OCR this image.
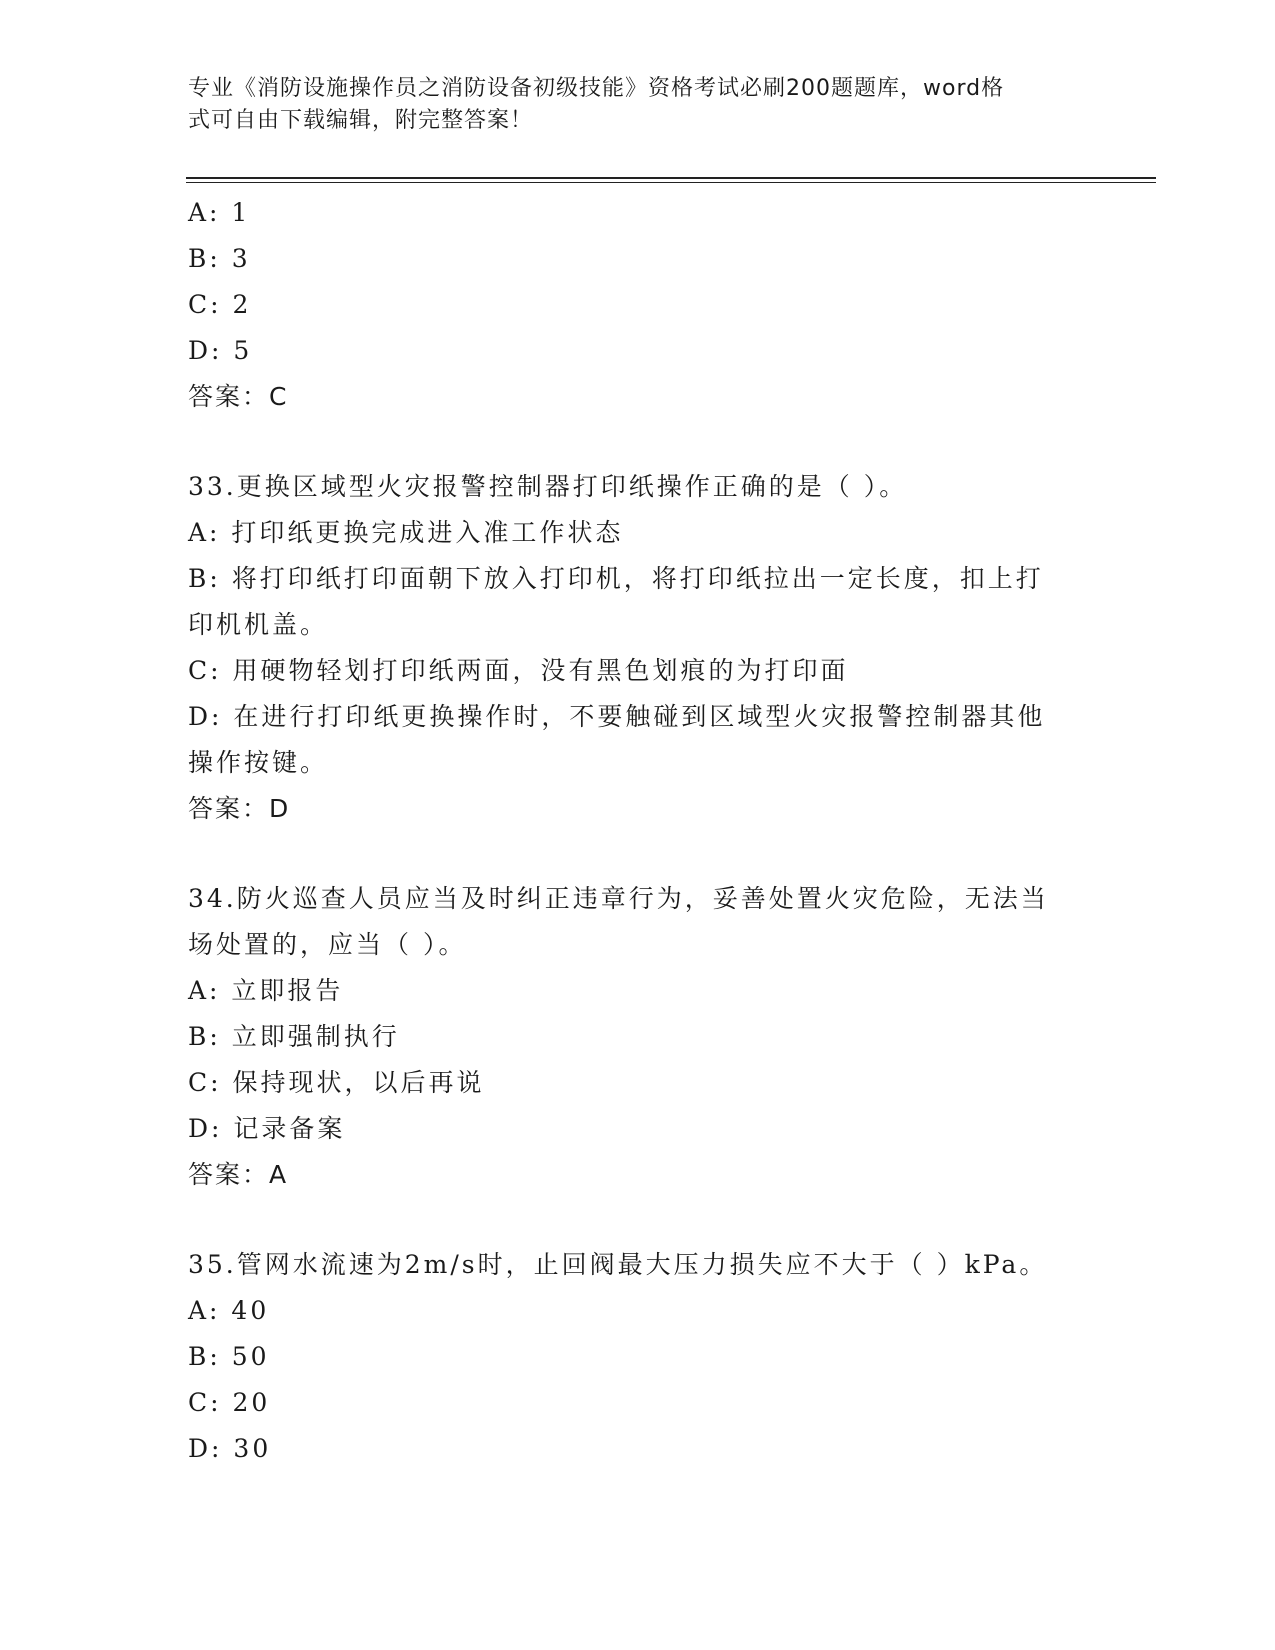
专业《消防设施操作员之消防设备初级技能》资格考试必刷200题题库，word格
式可自由下载编辑，附完整答案！
A: 1
B: 3
C: 2
D: 5
答案：C
33.更换区域型火灾报警控制器打印纸操作正确的是（ ）。
A: 打印纸更换完成进入准工作状态
B: 将打印纸打印面朝下放入打印机，将打印纸拉出一定长度，扣上打
印机机盖。
C: 用硬物轻划打印纸两面，没有黑色划痕的为打印面
D: 在进行打印纸更换操作时，不要触碰到区域型火灾报警控制器其他
操作按键。
答案：D
34.防火巡查人员应当及时纠正违章行为，妥善处置火灾危险，无法当
场处置的，应当（ ）。
A: 立即报告
B: 立即强制执行
C: 保持现状，以后再说
D: 记录备案
答案：A
35.管网水流速为2m/s时，止回阀最大压力损失应不大于（ ）kPa。
A: 40
B: 50
C: 20
D: 30
